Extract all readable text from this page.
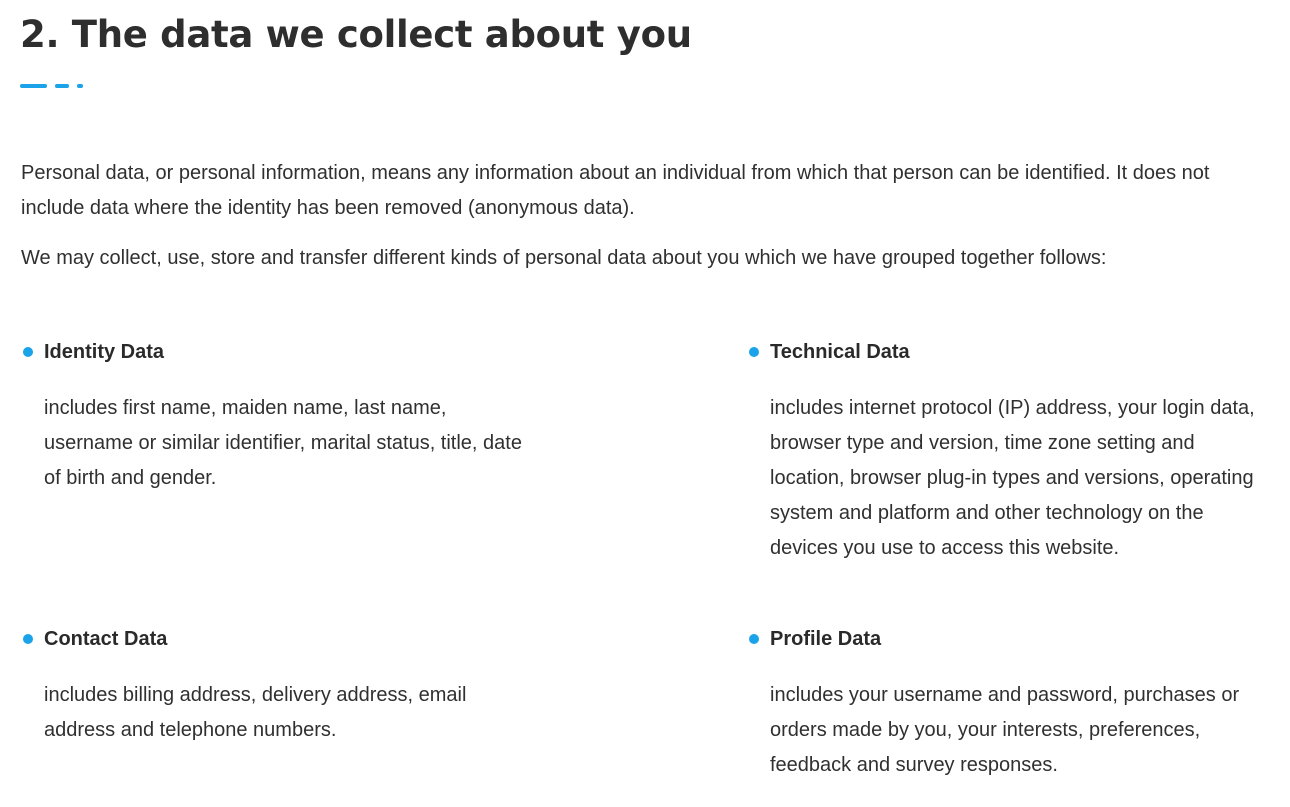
2. The data we collect about you

Personal data, or personal information, means any information about an individual from which that person can be identified. It does not include data where the identity has been removed (anonymous data).

We may collect, use, store and transfer different kinds of personal data about you which we have grouped together follows:

Identity Data

includes first name, maiden name, last name, username or similar identifier, marital status, title, date of birth and gender.

Technical Data

includes internet protocol (IP) address, your login data, browser type and version, time zone setting and location, browser plug-in types and versions, operating system and platform and other technology on the devices you use to access this website.

Contact Data

includes billing address, delivery address, email address and telephone numbers.

Profile Data

includes your username and password, purchases or orders made by you, your interests, preferences, feedback and survey responses.
